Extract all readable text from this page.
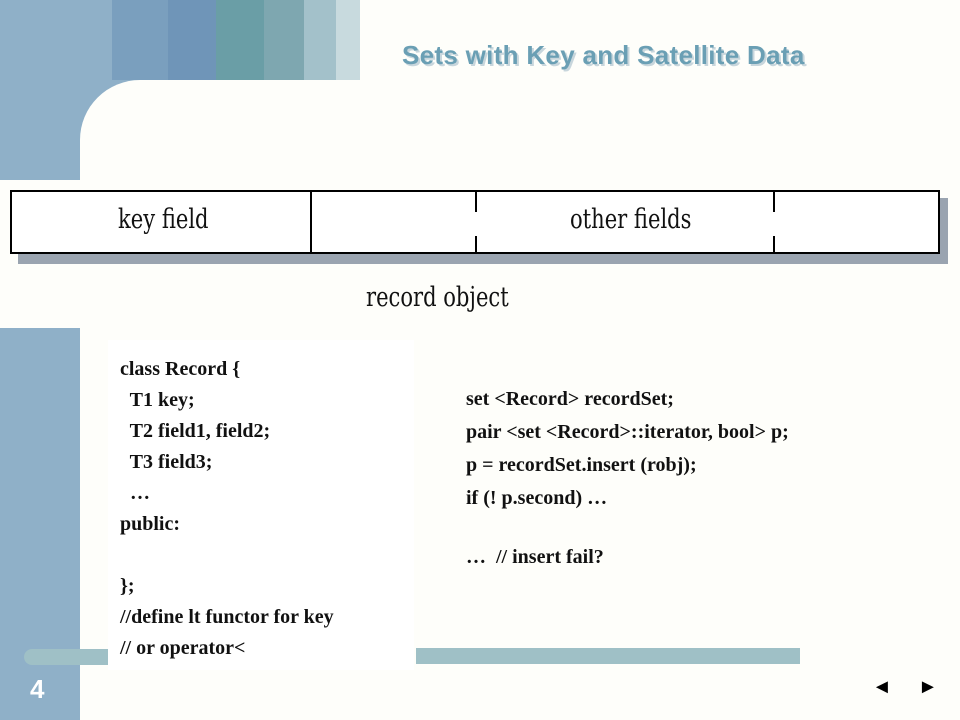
Sets with Key and Satellite Data
key field	other fields
record object
class Record {
T1 key;
T2 field1, field2;
T3 field3;
…
public:
};
//define lt functor for key
// or operator<
set <Record> recordSet;
pair <set <Record>::iterator, bool> p;
p = recordSet.insert (robj);
if (! p.second) …
…  // insert fail?
4	◄ ►
